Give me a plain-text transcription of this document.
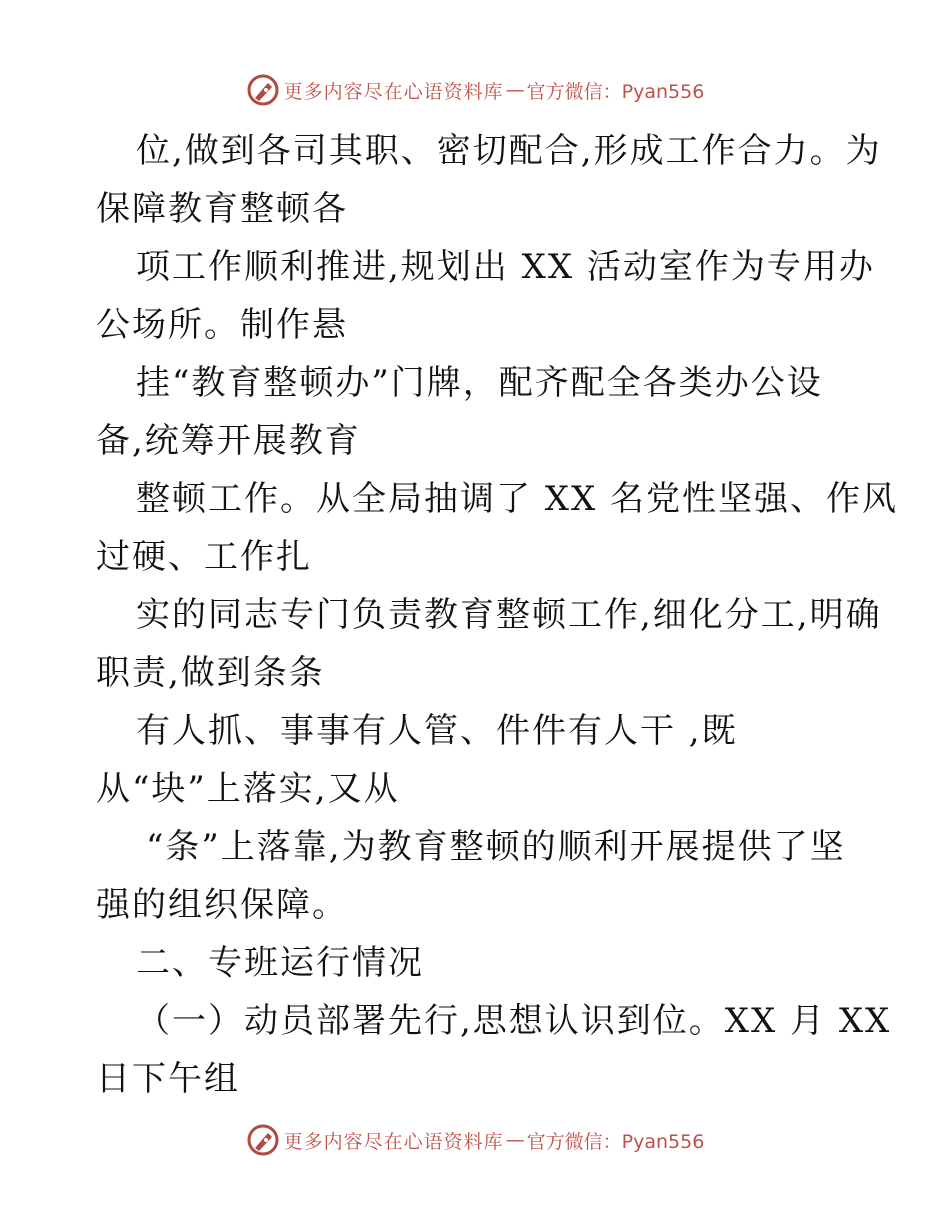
更多内容尽在心语资料库 — 官方微信：Pyan556
位,做到各司其职、密切配合,形成工作合力。为
保障教育整顿各
项工作顺利推进,规划出 XX 活动室作为专用办
公场所。制作悬
挂“教育整顿办”门牌，配齐配全各类办公设
备,统筹开展教育
整顿工作。从全局抽调了 XX 名党性坚强、作风
过硬、工作扎
实的同志专门负责教育整顿工作,细化分工,明确
职责,做到条条
有人抓、事事有人管、件件有人干 ,既
从“块”上落实,又从
“条”上落靠,为教育整顿的顺利开展提供了坚
强的组织保障。
二、专班运行情况
（一）动员部署先行,思想认识到位。XX 月 XX
日下午组
更多内容尽在心语资料库 — 官方微信：Pyan556
